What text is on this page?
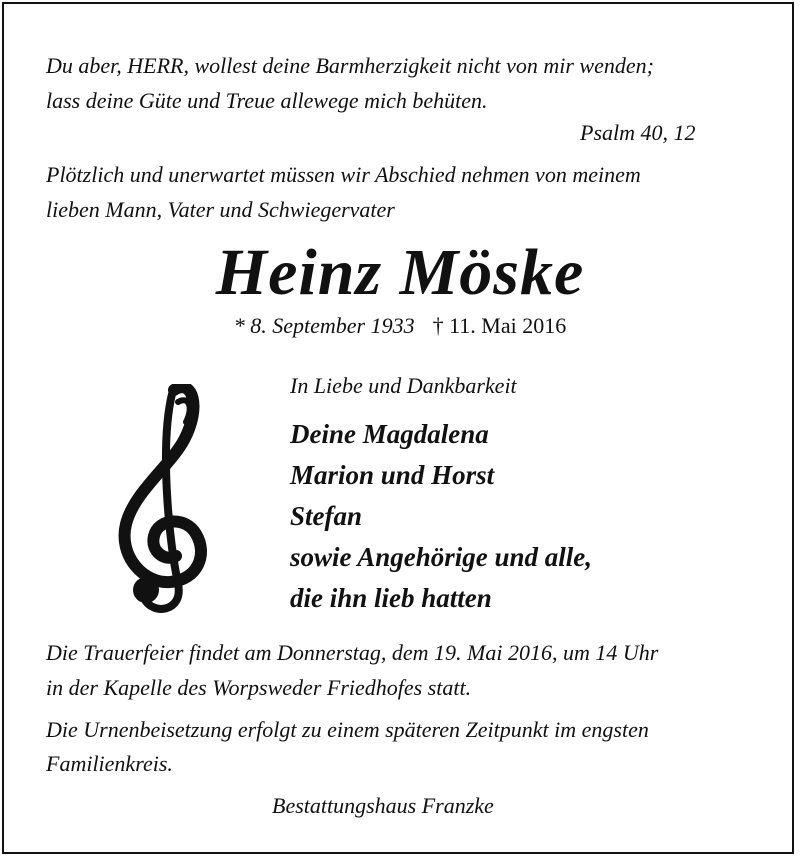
Du aber, HERR, wollest deine Barmherzigkeit nicht von mir wenden;
lass deine Güte und Treue allewege mich behüten.
Psalm 40, 12
Plötzlich und unerwartet müssen wir Abschied nehmen von meinem
lieben Mann, Vater und Schwiegervater
Heinz Möske
* 8. September 1933 † 11. Mai 2016
In Liebe und Dankbarkeit
Deine Magdalena
Marion und Horst
Stefan
sowie Angehörige und alle,
die ihn lieb hatten
Die Trauerfeier findet am Donnerstag, dem 19. Mai 2016, um 14 Uhr
in der Kapelle des Worpsweder Friedhofes statt.
Die Urnenbeisetzung erfolgt zu einem späteren Zeitpunkt im engsten
Familienkreis.
Bestattungshaus Franzke
